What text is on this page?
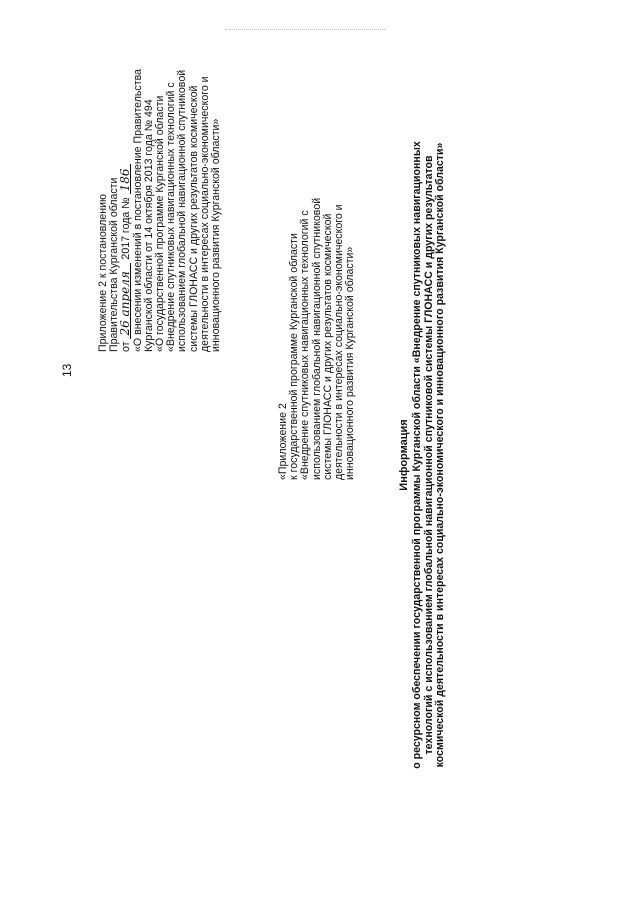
13
Приложение 2 к постановлению Правительства Курганской области от 26 апреля 2017 года № 186 «О внесении изменений в постановление Правительства Курганской области от 14 октября 2013 года № 494 «О государственной программе Курганской области «Внедрение спутниковых навигационных технологий с использованием глобальной навигационной спутниковой системы ГЛОНАСС и других результатов космической деятельности в интересах социально-экономического и инновационного развития Курганской области»
«Приложение 2 к государственной программе Курганской области «Внедрение спутниковых навигационных технологий с использованием глобальной навигационной спутниковой системы ГЛОНАСС и других результатов космической деятельности в интересах социально-экономического и инновационного развития Курганской области»	Информация о ресурсном обеспечении государственной программы Курганской области «Внедрение спутниковых навигационных технологий с использованием глобальной навигационной спутниковой системы ГЛОНАСС и других результатов космической деятельности в интересах социально-экономического и инновационного развития Курганской области»
